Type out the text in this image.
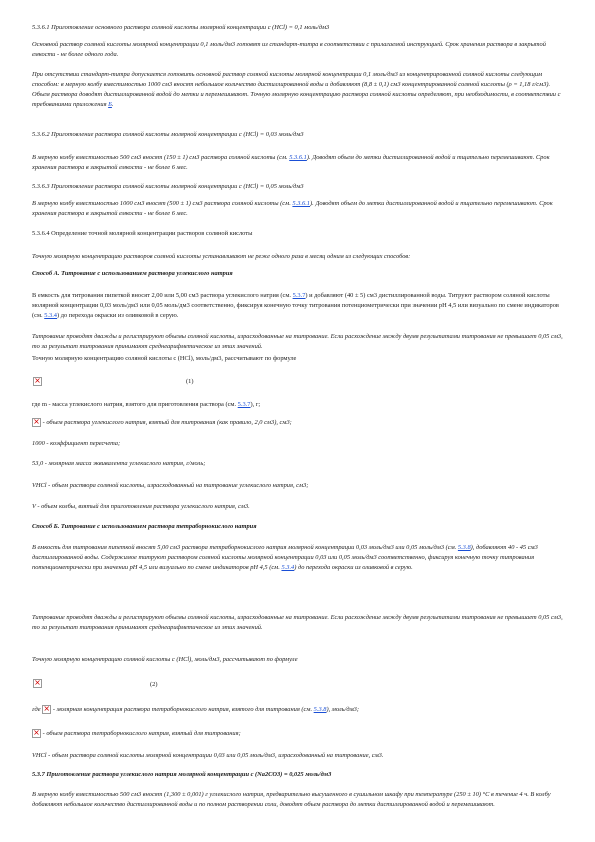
5.3.6.1 Приготовление основного раствора соляной кислоты молярной концентрации с (HCl) = 0,1 моль/дм3

Основной раствор соляной кислоты молярной концентрации 0,1 моль/дм3 готовят из стандарт-титра в соответствии с прилагаемой инструкцией. Срок хранения раствора в закрытой емкости - не более одного года.

При отсутствии стандарт-титра допускается готовить основной раствор соляной кислоты молярной концентрации 0,1 моль/дм3 из концентрированной соляной кислоты следующим способом: в мерную колбу вместимостью 1000 см3 вносят небольшое количество дистиллированной воды и добавляют (8,8 ± 0,1) см3 концентрированной соляной кислоты (ρ = 1,18 г/см3). Объем раствора доводят дистиллированной водой до метки и перемешивают. Точную молярную концентрацию раствора соляной кислоты определяют, при необходимости, в соответствии с требованиями приложения Б.

5.3.6.2 Приготовление раствора соляной кислоты молярной концентрации с (HCl) = 0,03 моль/дм3

В мерную колбу вместимостью 500 см3 вносят (150 ± 1) см3 раствора соляной кислоты (см. 5.3.6.1). Доводят объем до метки дистиллированной водой и тщательно перемешивают. Срок хранения раствора в закрытой емкости - не более 6 мес.

5.3.6.3 Приготовление раствора соляной кислоты молярной концентрации с (HCl) = 0,05 моль/дм3

В мерную колбу вместимостью 1000 см3 вносят (500 ± 1) см3 раствора соляной кислоты (см. 5.3.6.1). Доводят объем до метки дистиллированной водой и тщательно перемешивают. Срок хранения раствора в закрытой емкости - не более 6 мес.

5.3.6.4 Определение точной молярной концентрации растворов соляной кислоты

Точную молярную концентрацию растворов соляной кислоты устанавливают не реже одного раза в месяц одним из следующих способов:

Способ А. Титрование с использованием раствора углекислого натрия

В емкость для титрования пипеткой вносят 2,00 или 5,00 см3 раствора углекислого натрия (см. 5.3.7) и добавляют (40 ± 5) см3 дистиллированной воды. Титруют раствором соляной кислоты молярной концентрации 0,03 моль/дм3 или 0,05 моль/дм3 соответственно, фиксируя конечную точку титрования потенциометрически при значении pH 4,5 или визуально по смене индикаторов (см. 5.3.4) до перехода окраски из оливковой в серую.

Титрование проводят дважды и регистрируют объемы соляной кислоты, израсходованные на титрование. Если расхождение между двумя результатами титрования не превышает 0,05 см3, то за результат титрования принимают среднеарифметическое из этих значений.

Точную молярную концентрацию соляной кислоты с (HCl), моль/дм3, рассчитывают по формуле

×
(1)

где m - масса углекислого натрия, взятого для приготовления раствора (см. 5.3.7), г;

× - объем раствора углекислого натрия, взятый для титрования (как правило, 2,0 см3), см3;

1000 - коэффициент пересчета;

53,0 - молярная масса эквивалента углекислого натрия, г/моль;

VHCl - объем раствора соляной кислоты, израсходованный на титрование углекислого натрия, см3;

V - объем колбы, взятый для приготовления раствора углекислого натрия, см3.

Способ Б. Титрование с использованием раствора тетраборнокислого натрия

В емкость для титрования пипеткой вносят 5,00 см3 раствора тетраборнокислого натрия молярной концентрации 0,03 моль/дм3 или 0,05 моль/дм3 (см. 5.3.8), добавляют 40 - 45 см3 дистиллированной воды. Содержимое титруют раствором соляной кислоты молярной концентрации 0,03 или 0,05 моль/дм3 соответственно, фиксируя конечную точку титрования потенциометрически при значении pH 4,5 или визуально по смене индикаторов pH 4,5 (см. 5.3.4) до перехода окраски из оливковой в серую.

Титрование проводят дважды и регистрируют объемы соляной кислоты, израсходованные на титрование. Если расхождение между двумя результатами титрования не превышает 0,05 см3, то за результат титрования принимают среднеарифметическое из этих значений.

Точную молярную концентрацию соляной кислоты с (HCl), моль/дм3, рассчитывают по формуле

×
(2)

где × - молярная концентрация раствора тетраборнокислого натрия, взятого для титрования (см. 5.3.8), моль/дм3;

× - объем раствора тетраборнокислого натрия, взятый для титрования;

VHCl - объем раствора соляной кислоты молярной концентрации 0,03 или 0,05 моль/дм3, израсходованный на титрование, см3.

5.3.7 Приготовление раствора углекислого натрия молярной концентрации с (Na2CO3) = 0,025 моль/дм3

В мерную колбу вместимостью 500 см3 вносят (1,300 ± 0,001) г углекислого натрия, предварительно высушенного в сушильном шкафу при температуре (250 ± 10) °С в течение 4 ч. В колбу добавляют небольшое количество дистиллированной воды и по полном растворении соли, доводят объем раствора до метки дистиллированной водой и перемешивают.
